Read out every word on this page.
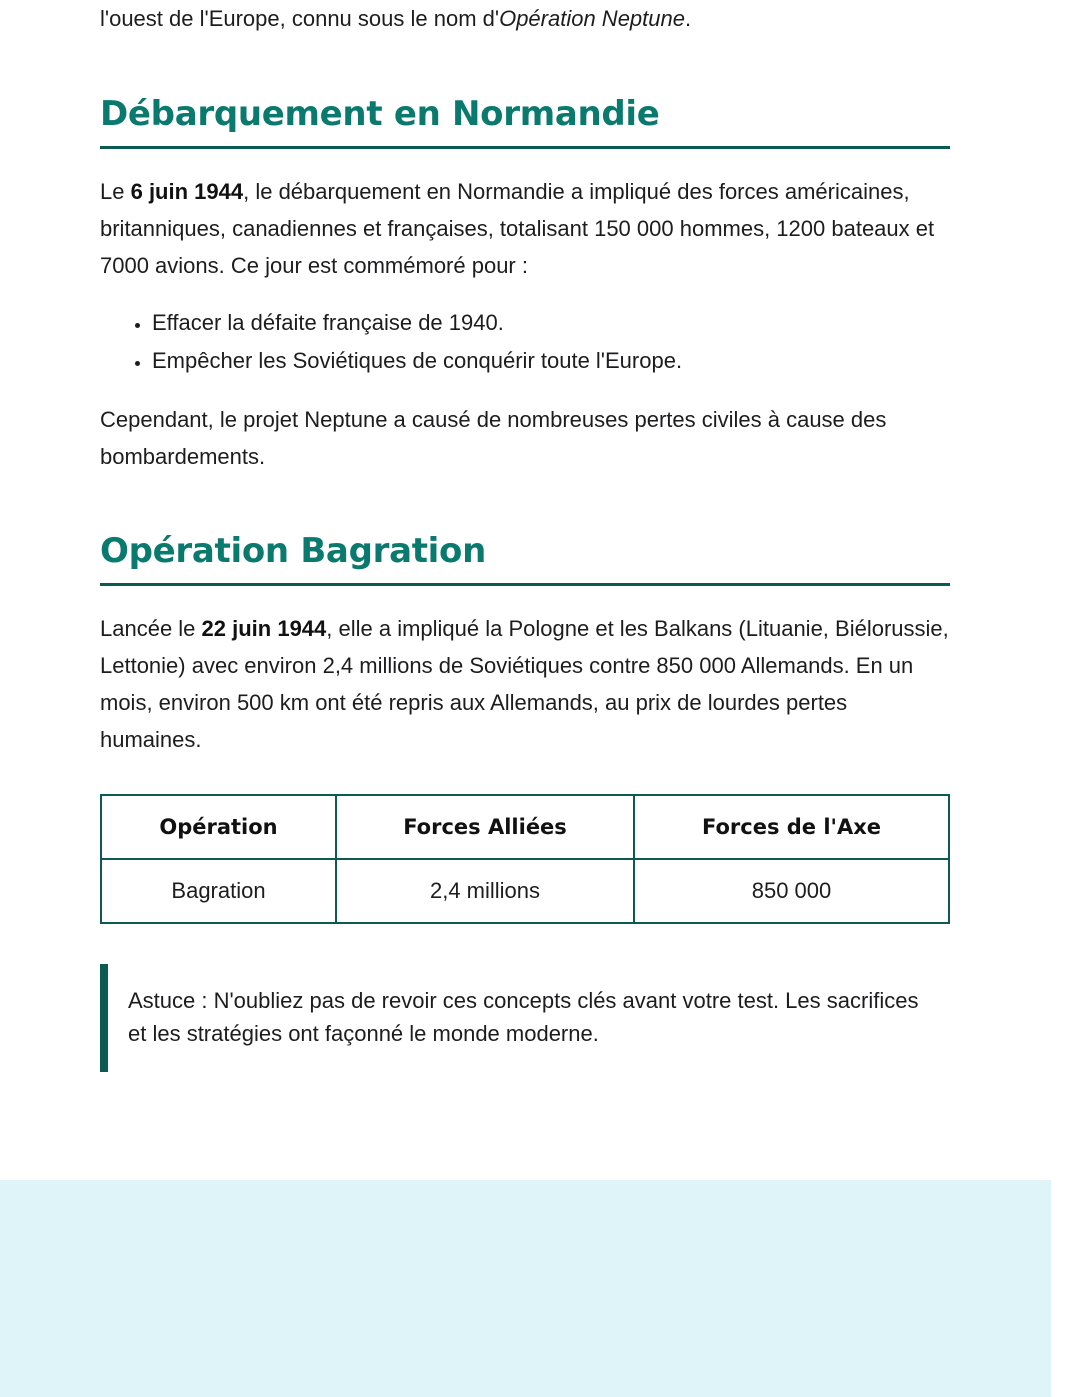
l'ouest de l'Europe, connu sous le nom d'Opération Neptune.

Débarquement en Normandie

Le 6 juin 1944, le débarquement en Normandie a impliqué des forces américaines, britanniques, canadiennes et françaises, totalisant 150 000 hommes, 1200 bateaux et 7000 avions. Ce jour est commémoré pour :

• Effacer la défaite française de 1940.
• Empêcher les Soviétiques de conquérir toute l'Europe.

Cependant, le projet Neptune a causé de nombreuses pertes civiles à cause des bombardements.

Opération Bagration

Lancée le 22 juin 1944, elle a impliqué la Pologne et les Balkans (Lituanie, Biélorussie, Lettonie) avec environ 2,4 millions de Soviétiques contre 850 000 Allemands. En un mois, environ 500 km ont été repris aux Allemands, au prix de lourdes pertes humaines.

Opération	Forces Alliées	Forces de l'Axe
Bagration	2,4 millions	850 000
Astuce : N'oubliez pas de revoir ces concepts clés avant votre test. Les sacrifices et les stratégies ont façonné le monde moderne.
